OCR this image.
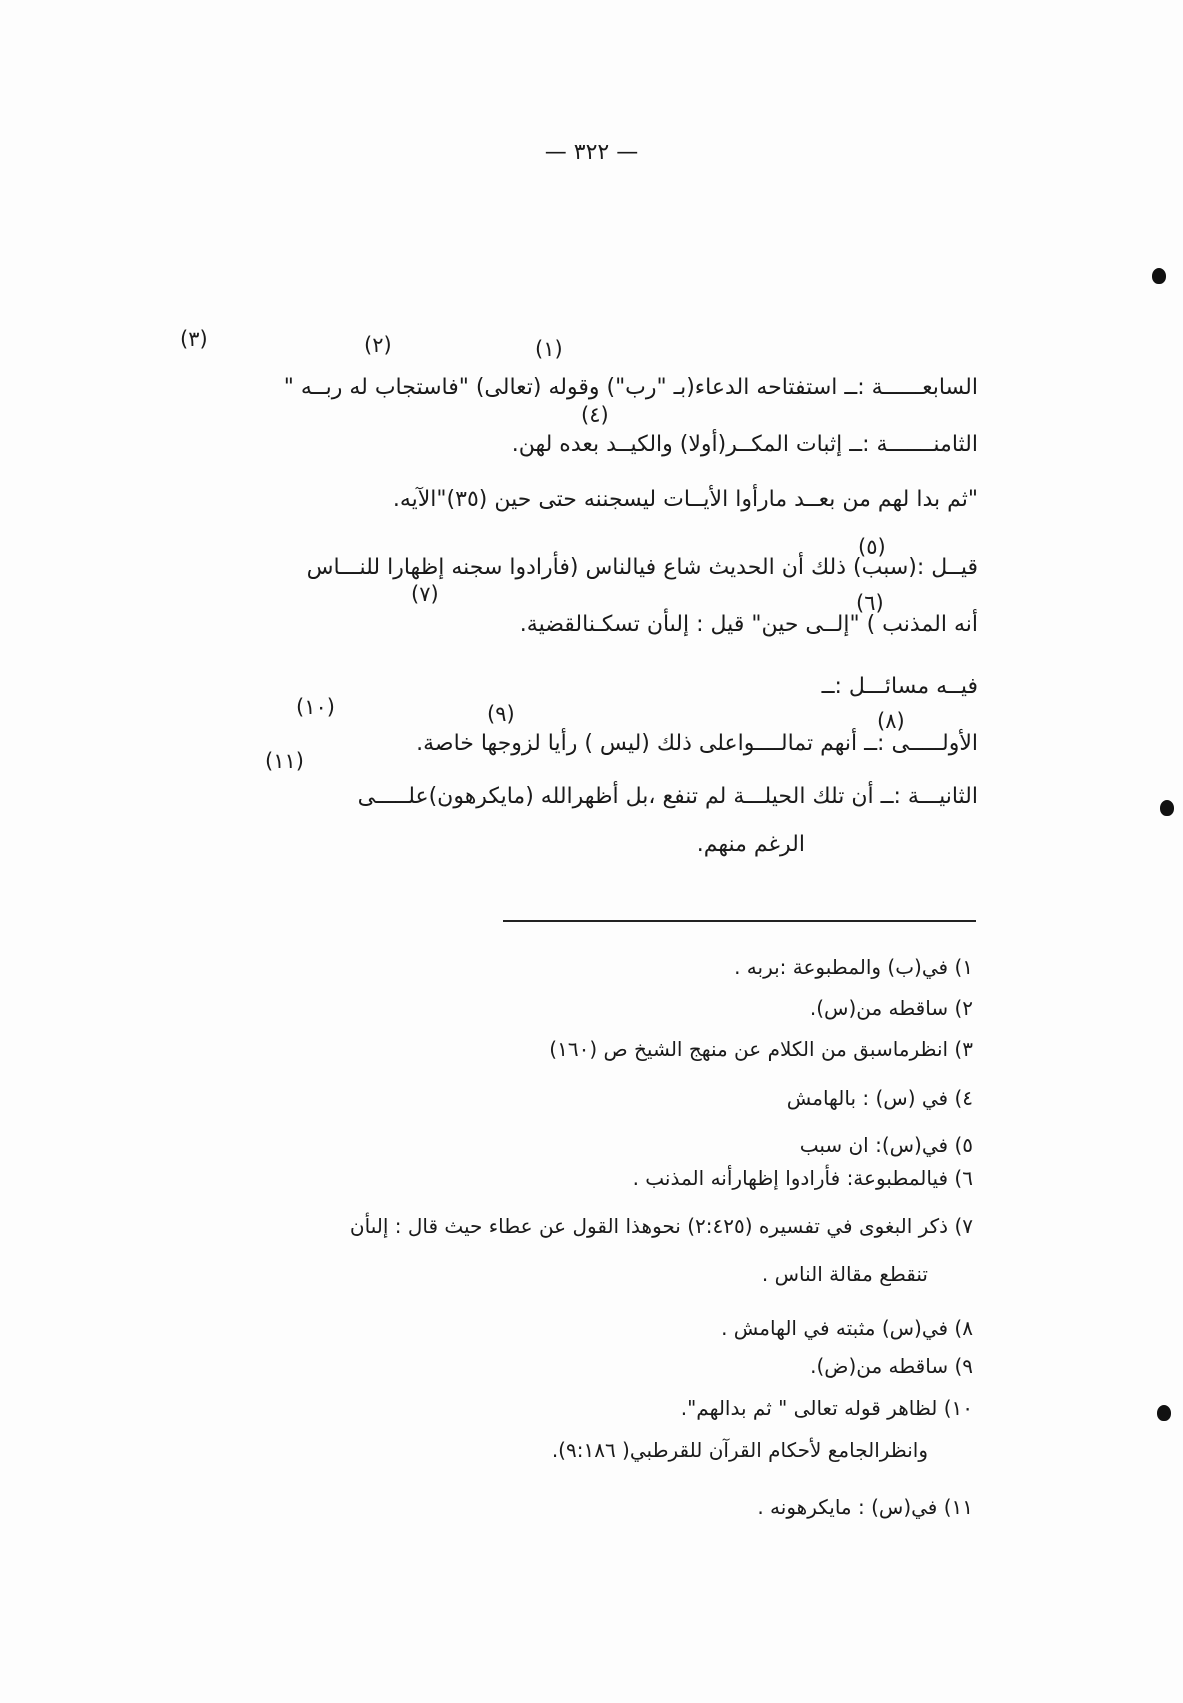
— ٣٢٢ —
(٣)	(٢)	(١)
السابعــــــة :ــ استفتاحه الدعاء(بـ "رب") وقوله (تعالى) "فاستجاب له ربــه "
(٤)
الثامنـــــــة :ــ إثبات المكــر(أولا) والكيــد بعده لهن.
"ثم بدا لهم من بعــد مارأوا الأيــات ليسجننه حتى حين (٣٥)"الآيه.
(٥)
قيــل :(سبب) ذلك أن الحديث شاع فيالناس (فأرادوا سجنه إظهارا للنـــاس
(٧)	(٦)
أنه المذنب ) "إلــى حين" قيل : إلىأن تسكـنالقضية.
فيــه مسائـــل :ــ
(١٠)	(٩)	(٨)
الأولـــــى :ــ أنهم تمالــــواعلى ذلك (ليس ) رأيا لزوجها خاصة.
(١١)
الثانيـــة :ــ أن تلك الحيلـــة لم تنفع ،بل أظهرالله (مايكرهون)علـــــى
الرغم منهم.
١) في(ب) والمطبوعة :بربه .
٢) ساقطه من(س).
٣) انظرماسبق من الكلام عن منهج الشيخ ص (١٦٠)
٤) في (س) : بالهامش
٥) في(س): ان سبب
٦) فيالمطبوعة: فأرادوا إظهارأنه المذنب .
٧) ذكر البغوى في تفسيره (٢:٤٢٥) نحوهذا القول عن عطاء حيث قال : إلىأن
تنقطع مقالة الناس .
٨) في(س) مثبته في الهامش .
٩) ساقطه من(ض).
١٠) لظاهر قوله تعالى " ثم بدالهم".
وانظرالجامع لأحكام القرآن للقرطبي( ٩:١٨٦).
١١) في(س) : مايكرهونه .
